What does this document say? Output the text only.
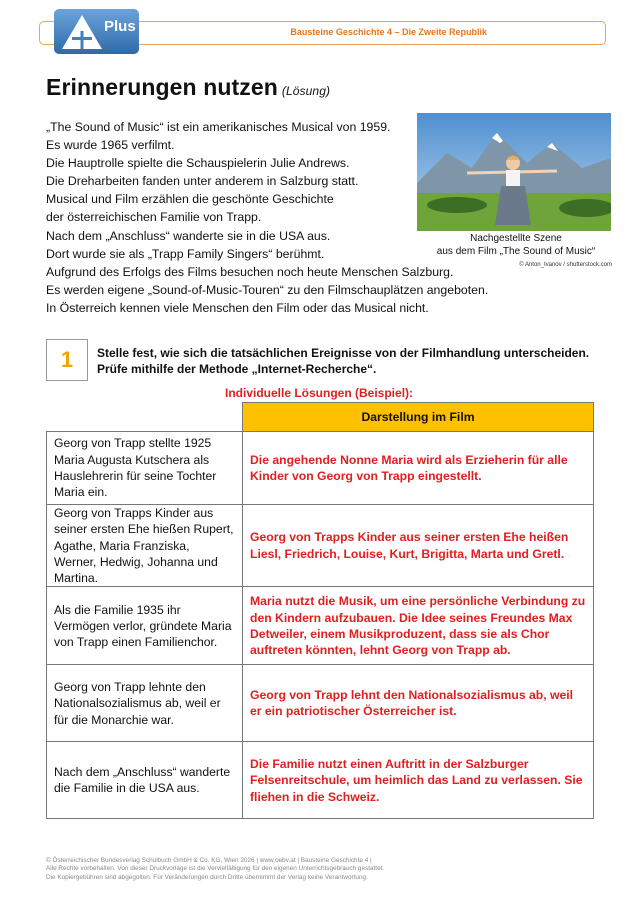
Bausteine Geschichte 4 – Die Zweite Republik
Plus
Erinnerungen nutzen (Lösung)
„The Sound of Music“ ist ein amerikanisches Musical von 1959.
Es wurde 1965 verfilmt.
Die Hauptrolle spielte die Schauspielerin Julie Andrews.
Die Dreharbeiten fanden unter anderem in Salzburg statt.
Musical und Film erzählen die geschönte Geschichte
der österreichischen Familie von Trapp.
Nach dem „Anschluss“ wanderte sie in die USA aus.
Dort wurde sie als „Trapp Family Singers“ berühmt.
Aufgrund des Erfolgs des Films besuchen noch heute Menschen Salzburg.
Es werden eigene „Sound-of-Music-Touren“ zu den Filmschauplätzen angeboten.
In Österreich kennen viele Menschen den Film oder das Musical nicht.
Nachgestellte Szene
aus dem Film „The Sound of Music“
© Anton_Ivanov / shutterstock.com
1	Stelle fest, wie sich die tatsächlichen Ereignisse von der Filmhandlung unterscheiden.
Prüfe mithilfe der Methode „Internet-Recherche“.
Individuelle Lösungen (Beispiel):
	Darstellung im Film
Georg von Trapp stellte 1925 Maria Augusta Kutschera als Hauslehrerin für seine Tochter Maria ein.	Die angehende Nonne Maria wird als Erzieherin für alle Kinder von Georg von Trapp eingestellt.
Georg von Trapps Kinder aus seiner ersten Ehe hießen Rupert, Agathe, Maria Franziska, Werner, Hedwig, Johanna und Martina.	Georg von Trapps Kinder aus seiner ersten Ehe heißen Liesl, Friedrich, Louise, Kurt, Brigitta, Marta und Gretl.
Als die Familie 1935 ihr Vermögen verlor, gründete Maria von Trapp einen Familienchor.	Maria nutzt die Musik, um eine persönliche Verbindung zu den Kindern aufzubauen. Die Idee seines Freundes Max Detweiler, einem Musikproduzent, dass sie als Chor auftreten könnten, lehnt Georg von Trapp ab.
Georg von Trapp lehnte den Nationalsozialismus ab, weil er für die Monarchie war.	Georg von Trapp lehnt den Nationalsozialismus ab, weil er ein patriotischer Österreicher ist.
Nach dem „Anschluss“ wanderte die Familie in die USA aus.	Die Familie nutzt einen Auftritt in der Salzburger Felsenreitschule, um heimlich das Land zu verlassen. Sie fliehen in die Schweiz.
© Österreichischer Bundesverlag Schulbuch GmbH & Co. KG, Wien 2026 | www.oebv.at | Bausteine Geschichte 4 |
Alle Rechte vorbehalten. Von dieser Druckvorlage ist die Vervielfältigung für den eigenen Unterrichtsgebrauch gestattet.
Die Kopiergebühren sind abgegolten. Für Veränderungen durch Dritte übernimmt der Verlag keine Verantwortung.
